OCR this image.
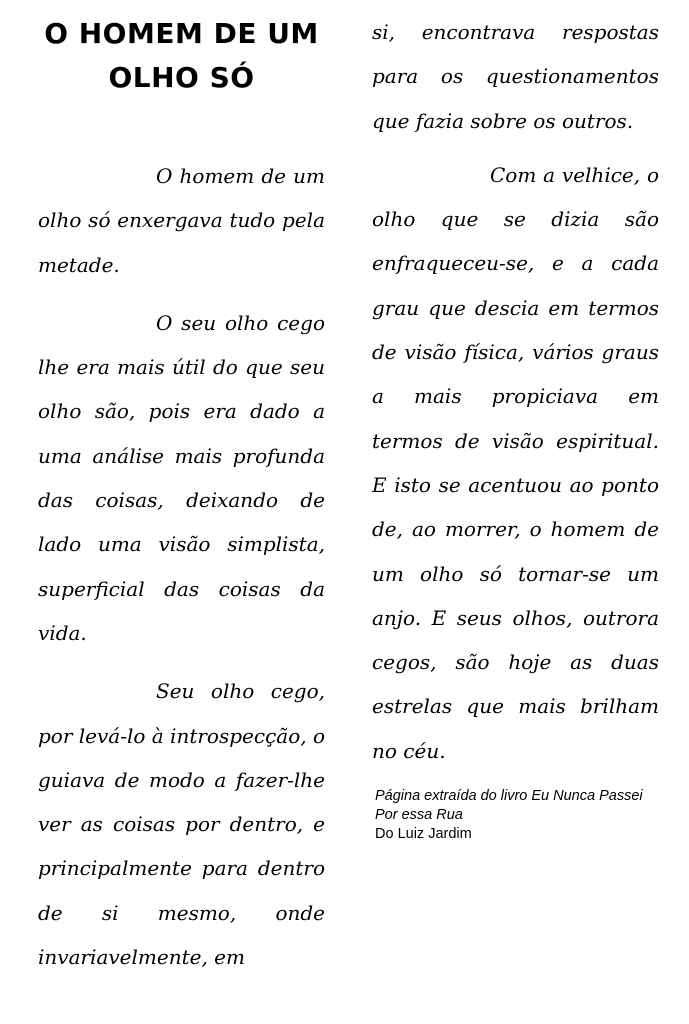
O HOMEM DE UM
OLHO SÓ

O homem de um olho só enxergava tudo pela metade.

O seu olho cego lhe era mais útil do que seu olho são, pois era dado a uma análise mais profunda das coisas, deixando de lado uma visão simplista, superficial das coisas da vida.

Seu olho cego, por levá-lo à introspecção, o guiava de modo a fazer-lhe ver as coisas por dentro, e principalmente para dentro de si mesmo, onde invariavelmente, em

si, encontrava respostas para os questionamentos que fazia sobre os outros.

Com a velhice, o olho que se dizia são enfraqueceu-se, e a cada grau que descia em termos de visão física, vários graus a mais propiciava em termos de visão espiritual. E isto se acentuou ao ponto de, ao morrer, o homem de um olho só tornar-se um anjo. E seus olhos, outrora cegos, são hoje as duas estrelas que mais brilham no céu.

Página extraída do livro Eu Nunca Passei
Por essa Rua
Do Luiz Jardim
